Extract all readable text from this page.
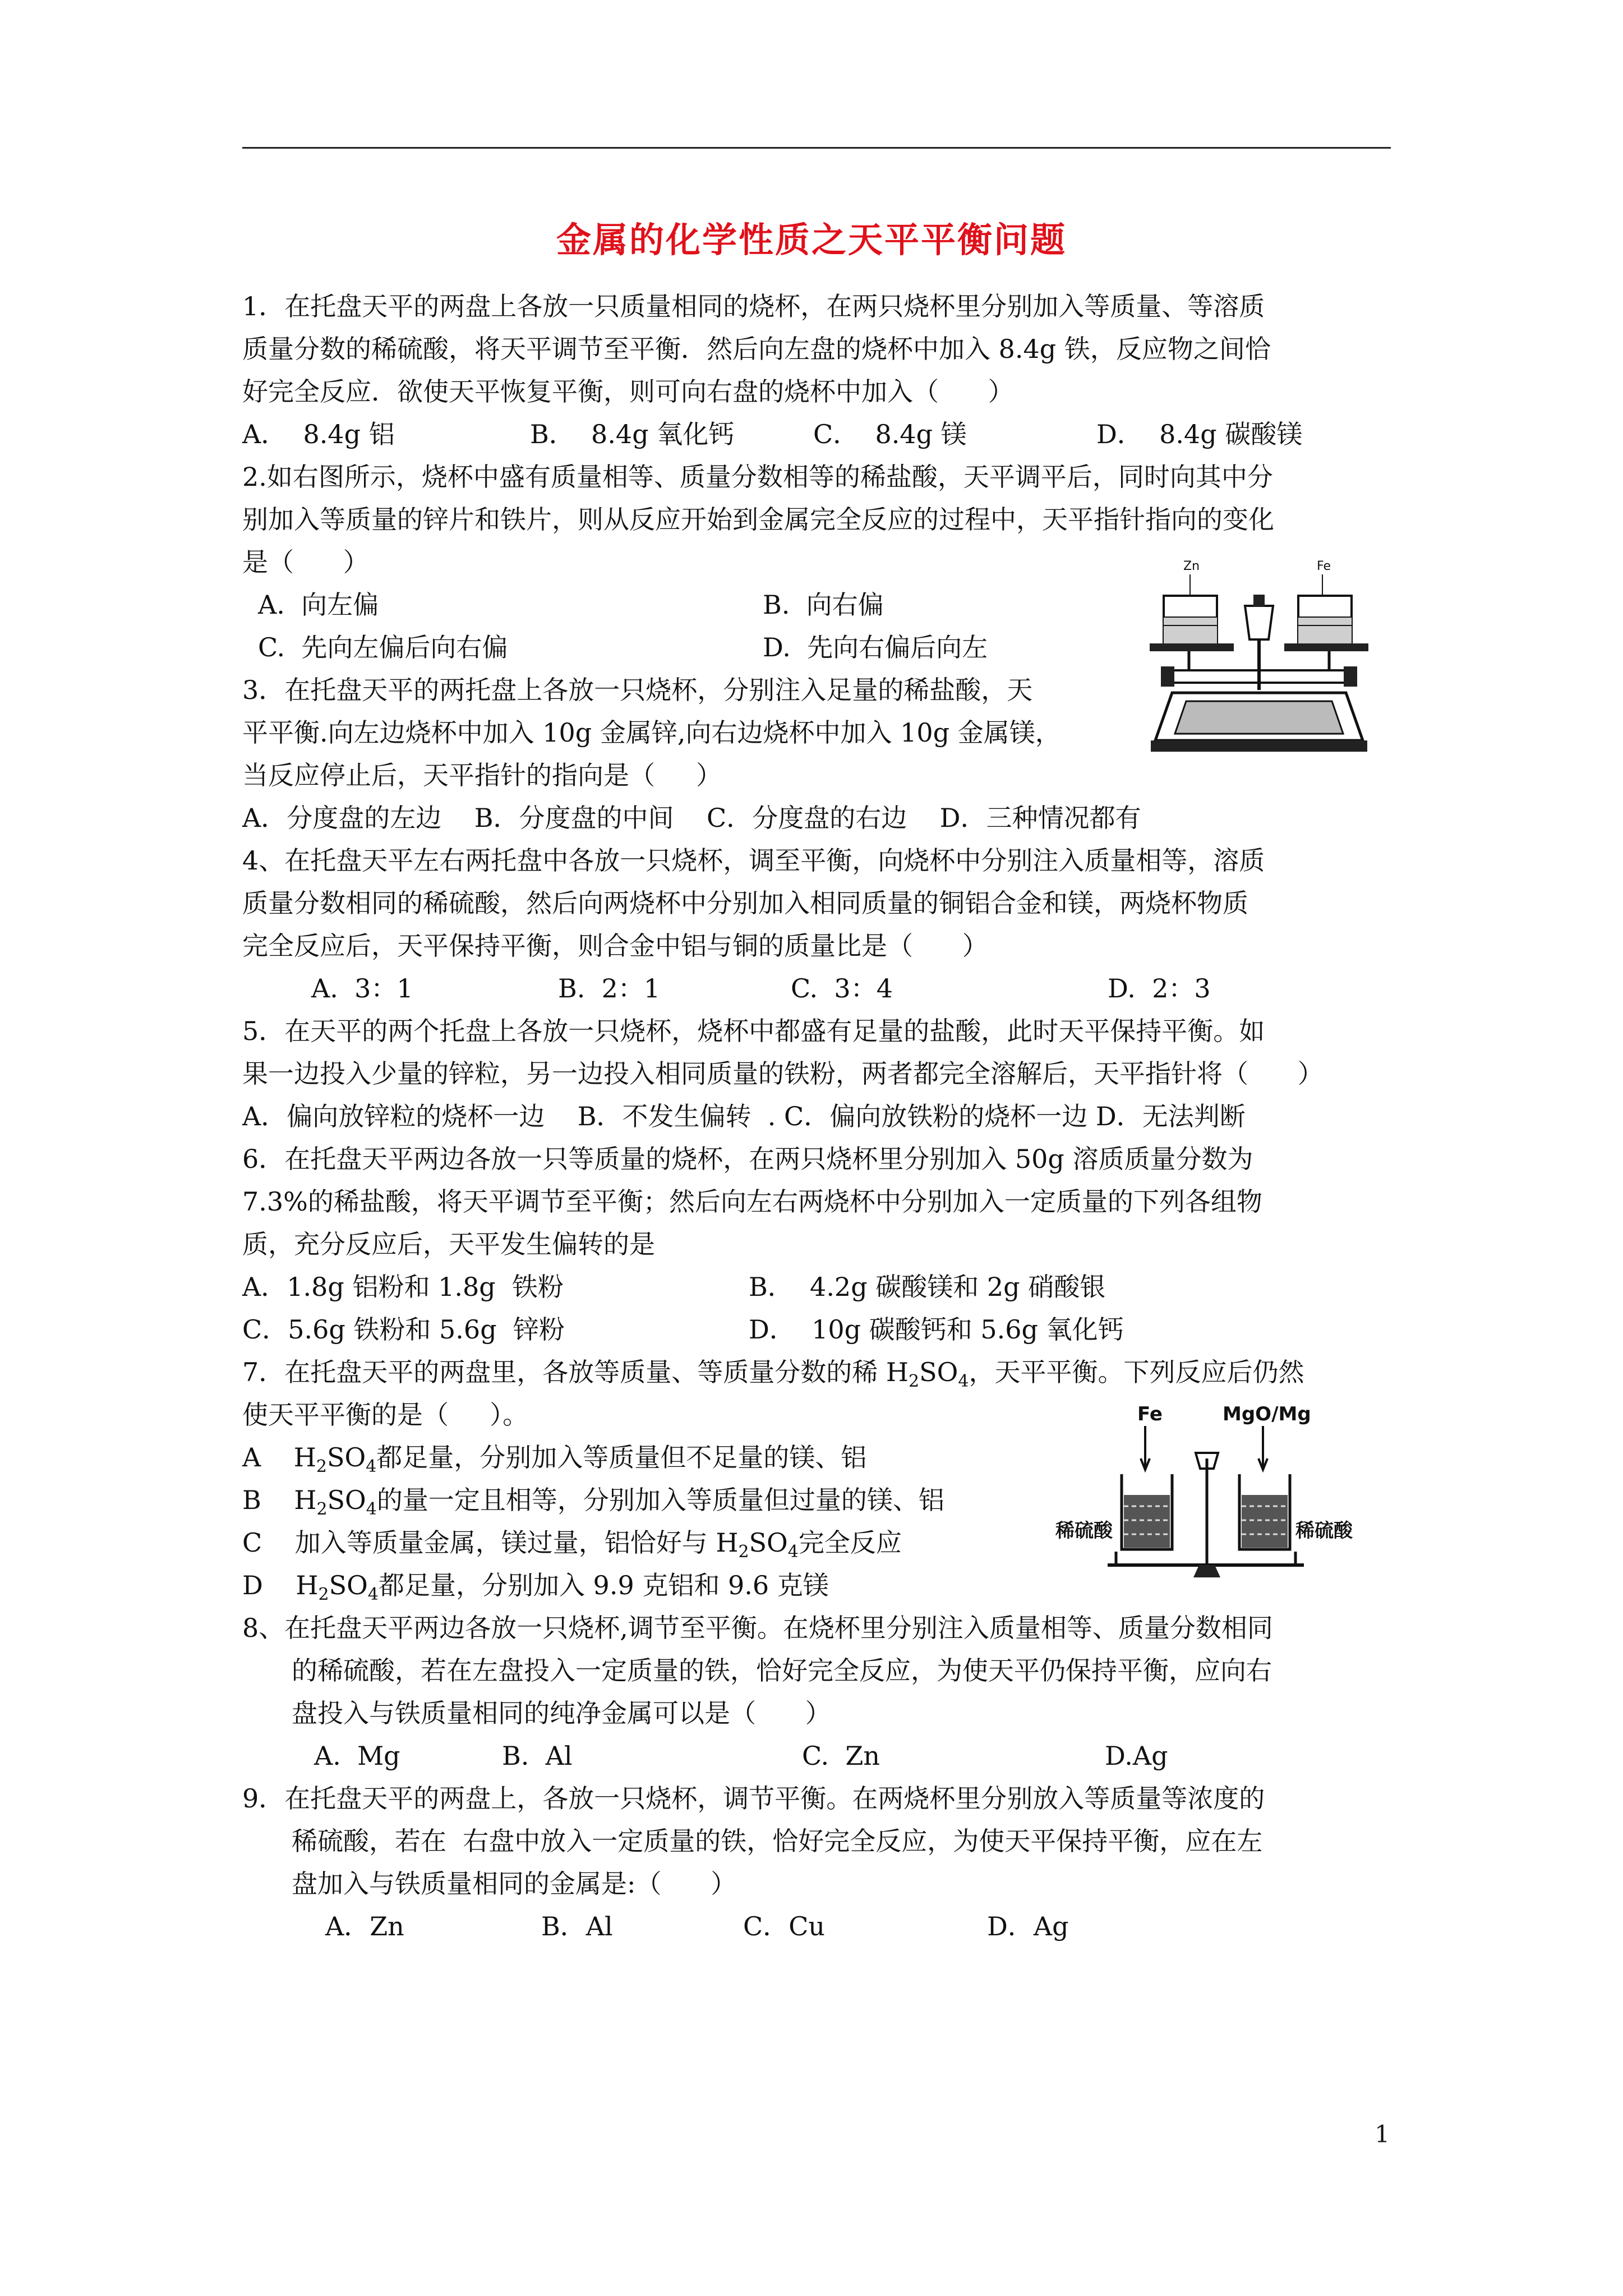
金属的化学性质之天平平衡问题
1．在托盘天平的两盘上各放一只质量相同的烧杯，在两只烧杯里分别加入等质量、等溶质
质量分数的稀硫酸，将天平调节至平衡．然后向左盘的烧杯中加入 8.4g 铁，反应物之间恰
好完全反应．欲使天平恢复平衡，则可向右盘的烧杯中加入（      ）
A．  8.4g 铝	B．  8.4g 氧化钙	C．  8.4g 镁	D．  8.4g 碳酸镁
2.如右图所示，烧杯中盛有质量相等、质量分数相等的稀盐酸，天平调平后，同时向其中分
别加入等质量的锌片和铁片，则从反应开始到金属完全反应的过程中，天平指针指向的变化
是（      ）
A.  向左偏	B.  向右偏
C.  先向左偏后向右偏	D.  先向右偏后向左
Zn	Fe
3．在托盘天平的两托盘上各放一只烧杯，分别注入足量的稀盐酸，天
平平衡.向左边烧杯中加入 10g 金属锌,向右边烧杯中加入 10g 金属镁，
当反应停止后，天平指针的指向是（     ）
A．分度盘的左边    B．分度盘的中间    C．分度盘的右边    D．三种情况都有
4、在托盘天平左右两托盘中各放一只烧杯，调至平衡，向烧杯中分别注入质量相等，溶质
质量分数相同的稀硫酸，然后向两烧杯中分别加入相同质量的铜铝合金和镁，两烧杯物质
完全反应后，天平保持平衡，则合金中铝与铜的质量比是（      ）
A.  3：1	B.  2：1	C.  3：4	D.  2：3
5．在天平的两个托盘上各放一只烧杯，烧杯中都盛有足量的盐酸，此时天平保持平衡。如
果一边投入少量的锌粒，另一边投入相同质量的铁粉，两者都完全溶解后，天平指针将（      ）
A．偏向放锌粒的烧杯一边    B．不发生偏转  . C．偏向放铁粉的烧杯一边 D．无法判断
6．在托盘天平两边各放一只等质量的烧杯，在两只烧杯里分别加入 50g 溶质质量分数为
7.3%的稀盐酸，将天平调节至平衡；然后向左右两烧杯中分别加入一定质量的下列各组物
质，充分反应后，天平发生偏转的是
A．1.8g 铝粉和 1.8g  铁粉	B．  4.2g 碳酸镁和 2g 硝酸银
C．5.6g 铁粉和 5.6g  锌粉	D．  10g 碳酸钙和 5.6g 氧化钙
7．在托盘天平的两盘里，各放等质量、等质量分数的稀 $H_2SO_4$，天平平衡。下列反应后仍然
使天平平衡的是（     ）。
A $H_2SO_4$都足量，分别加入等质量但不足量的镁、铝
B $H_2SO_4$的量一定且相等，分别加入等质量但过量的镁、铝
C 加入等质量金属，镁过量，铝恰好与 $H_2SO_4$完全反应
D $H_2SO_4$都足量，分别加入 9.9 克铝和 9.6 克镁
Fe	MgO/Mg
稀硫酸	稀硫酸
8、在托盘天平两边各放一只烧杯,调节至平衡。在烧杯里分别注入质量相等、质量分数相同
的稀硫酸，若在左盘投入一定质量的铁，恰好完全反应，为使天平仍保持平衡，应向右
盘投入与铁质量相同的纯净金属可以是（      ）
A.  Mg	B.  Al	C.  Zn	D.Ag
9．在托盘天平的两盘上，各放一只烧杯，调节平衡。在两烧杯里分别放入等质量等浓度的
稀硫酸，若在  右盘中放入一定质量的铁，恰好完全反应，为使天平保持平衡，应在左
盘加入与铁质量相同的金属是:（      ）
A．Zn	B．Al	C．Cu	D．Ag
1
